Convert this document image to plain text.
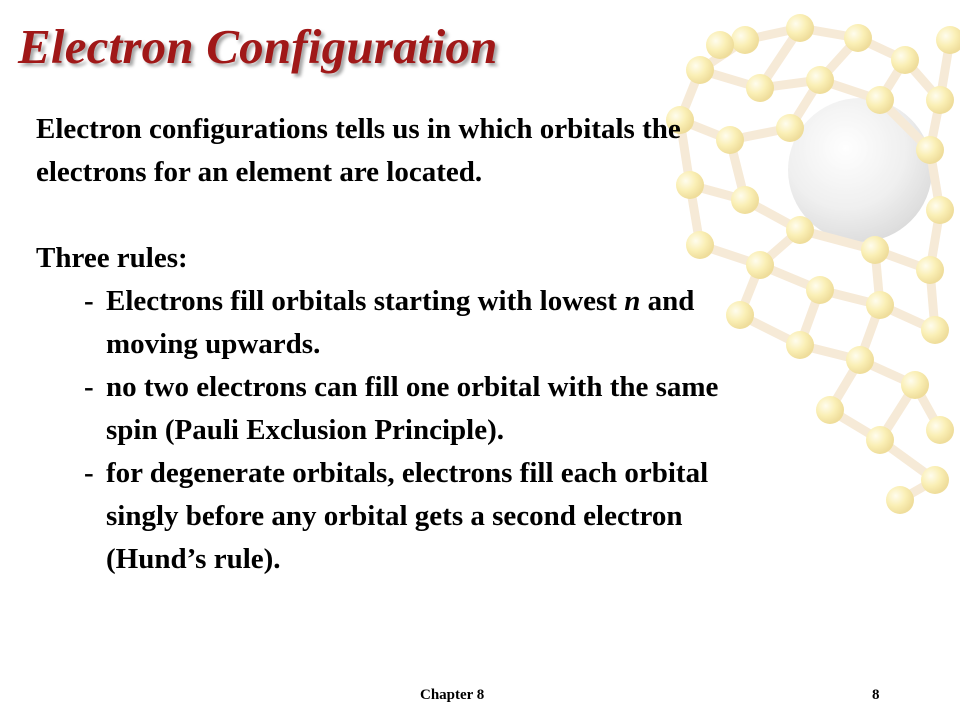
Electron Configuration

Electron configurations tells us in which orbitals the

electrons for an element are located.

Three rules:

- Electrons fill orbitals starting with lowest n and
moving upwards.
- no two electrons can fill one orbital with the same
spin (Pauli Exclusion Principle).
- for degenerate orbitals, electrons fill each orbital
singly before any orbital gets a second electron
(Hund’s rule).
Chapter 8	8
